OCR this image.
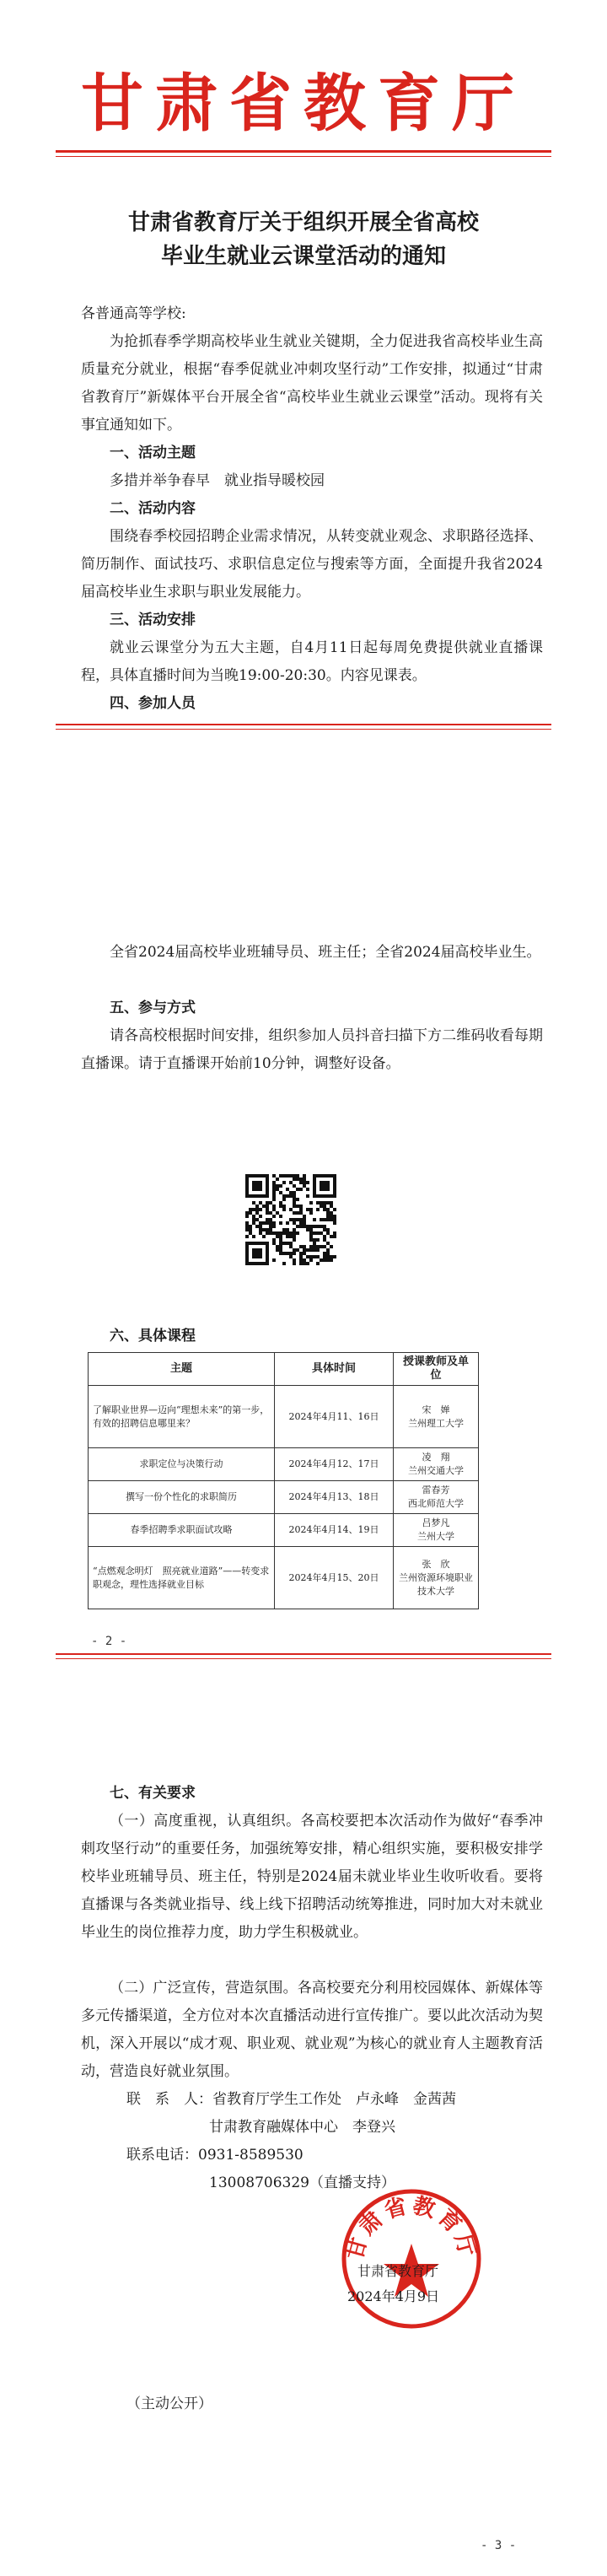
甘肃省教育厅
甘肃省教育厅关于组织开展全省高校
毕业生就业云课堂活动的通知
各普通高等学校:
为抢抓春季学期高校毕业生就业关键期，全力促进我省高校毕业生高质量充分就业，根据“春季促就业冲刺攻坚行动”工作安排，拟通过“甘肃省教育厅”新媒体平台开展全省“高校毕业生就业云课堂”活动。现将有关事宜通知如下。
一、活动主题
多措并举争春早　就业指导暖校园
二、活动内容
围绕春季校园招聘企业需求情况，从转变就业观念、求职路径选择、简历制作、面试技巧、求职信息定位与搜索等方面，全面提升我省2024届高校毕业生求职与职业发展能力。
三、活动安排
就业云课堂分为五大主题，自4月11日起每周免费提供就业直播课程，具体直播时间为当晚19:00-20:30。内容见课表。
四、参加人员
全省2024届高校毕业班辅导员、班主任；全省2024届高校毕业生。
五、参与方式
请各高校根据时间安排，组织参加人员抖音扫描下方二维码收看每期直播课。请于直播课开始前10分钟，调整好设备。
六、具体课程
主题	具体时间	授课教师及单位
了解职业世界—迈向“理想未来”的第一步，有效的招聘信息哪里来？	2024年4月11、16日	宋　婵
兰州理工大学

求职定位与决策行动	2024年4月12、17日	凌　翔
兰州交通大学

撰写一份个性化的求职简历	2024年4月13、18日	雷春芳
西北师范大学

春季招聘季求职面试攻略	2024年4月14、19日	吕梦凡
兰州大学

“点燃观念明灯　照亮就业道路”——转变求职观念，理性选择就业目标	2024年4月15、20日	张　欣
兰州资源环境职业技术大学
- 2 -
七、有关要求
（一）高度重视，认真组织。各高校要把本次活动作为做好“春季冲刺攻坚行动”的重要任务，加强统筹安排，精心组织实施，要积极安排学校毕业班辅导员、班主任，特别是2024届未就业毕业生收听收看。要将直播课与各类就业指导、线上线下招聘活动统筹推进，同时加大对未就业毕业生的岗位推荐力度，助力学生积极就业。
（二）广泛宣传，营造氛围。各高校要充分利用校园媒体、新媒体等多元传播渠道，全方位对本次直播活动进行宣传推广。要以此次活动为契机，深入开展以“成才观、职业观、就业观”为核心的就业育人主题教育活动，营造良好就业氛围。
联　系　人：省教育厅学生工作处　卢永峰　金茜茜
甘肃教育融媒体中心　李登兴
联系电话：0931-8589530
13008706329（直播支持）
甘肃省教育厅
甘肃省教育厅
2024年4月9日
（主动公开）
- 3 -
